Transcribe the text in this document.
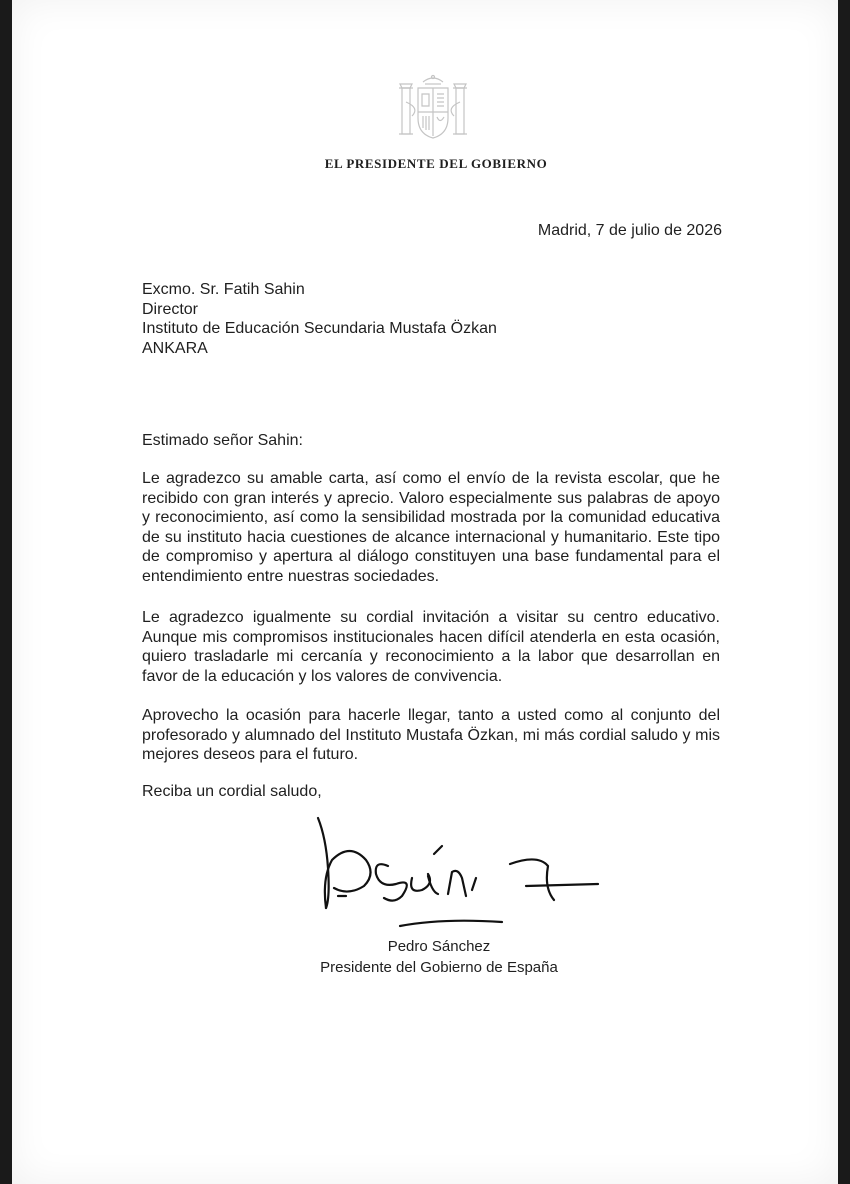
EL PRESIDENTE DEL GOBIERNO
Madrid, 7 de julio de 2026
Excmo. Sr. Fatih Sahin
Director
Instituto de Educación Secundaria Mustafa Özkan
ANKARA
Estimado señor Sahin:
Le agradezco su amable carta, así como el envío de la revista escolar, que he recibido con gran interés y aprecio. Valoro especialmente sus palabras de apoyo y reconocimiento, así como la sensibilidad mostrada por la comunidad educativa de su instituto hacia cuestiones de alcance internacional y humanitario. Este tipo de compromiso y apertura al diálogo constituyen una base fundamental para el entendimiento entre nuestras sociedades.
Le agradezco igualmente su cordial invitación a visitar su centro educativo. Aunque mis compromisos institucionales hacen difícil atenderla en esta ocasión, quiero trasladarle mi cercanía y reconocimiento a la labor que desarrollan en favor de la educación y los valores de convivencia.
Aprovecho la ocasión para hacerle llegar, tanto a usted como al conjunto del profesorado y alumnado del Instituto Mustafa Özkan, mi más cordial saludo y mis mejores deseos para el futuro.
Reciba un cordial saludo,
Pedro Sánchez
Presidente del Gobierno de España
